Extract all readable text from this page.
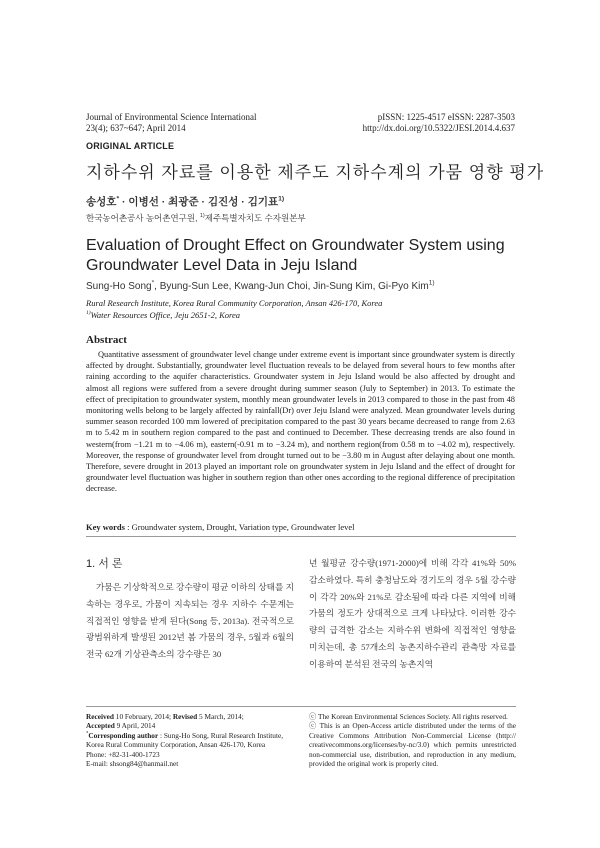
Journal of Environmental Science International
23(4); 637~647; April 2014
pISSN: 1225-4517 eISSN: 2287-3503
http://dx.doi.org/10.5322/JESI.2014.4.637
ORIGINAL ARTICLE
지하수위 자료를 이용한 제주도 지하수계의 가뭄 영향 평가
송성호* · 이병선 · 최광준 · 김진성 · 김기표$^{1)}$
한국농어촌공사 농어촌연구원, $^{1)}$제주특별자치도 수자원본부
Evaluation of Drought Effect on Groundwater System using Groundwater Level Data in Jeju Island
Sung-Ho Song*, Byung-Sun Lee, Kwang-Jun Choi, Jin-Sung Kim, Gi-Pyo Kim$^{1)}$
Rural Research Institute, Korea Rural Community Corporation, Ansan 426-170, Korea
$^{1)}$Water Resources Office, Jeju 2651-2, Korea
Abstract
Quantitative assessment of groundwater level change under extreme event is important since groundwater system is directly affected by drought. Substantially, groundwater level fluctuation reveals to be delayed from several hours to few months after raining according to the aquifer characteristics. Groundwater system in Jeju Island would be also affected by drought and almost all regions were suffered from a severe drought during summer season (July to September) in 2013. To estimate the effect of precipitation to groundwater system, monthly mean groundwater levels in 2013 compared to those in the past from 48 monitoring wells belong to be largely affected by rainfall(Dr) over Jeju Island were analyzed. Mean groundwater levels during summer season recorded 100 mm lowered of precipitation compared to the past 30 years became decreased to range from 2.63 m to 5.42 m in southern region compared to the past and continued to December. These decreasing trends are also found in western(from −1.21 m to −4.06 m), eastern(-0.91 m to −3.24 m), and northern region(from 0.58 m to −4.02 m), respectively. Moreover, the response of groundwater level from drought turned out to be −3.80 m in August after delaying about one month. Therefore, severe drought in 2013 played an important role on groundwater system in Jeju Island and the effect of drought for groundwater level fluctuation was higher in southern region than other ones according to the regional difference of precipitation decrease.
Key words : Groundwater system, Drought, Variation type, Groundwater level
1. 서 론
가뭄은 기상학적으로 강수량이 평균 이하의 상태를 지속하는 경우로, 가뭄이 지속되는 경우 지하수 수문계는 직접적인 영향을 받게 된다(Song 등, 2013a). 전국적으로 광범위하게 발생된 2012년 봄 가뭄의 경우, 5월과 6월의 전국 62개 기상관측소의 강수량은 30
년 월평균 강수량(1971-2000)에 비해 각각 41%와 50% 감소하였다. 특히 충청남도와 경기도의 경우 5월 강수량이 각각 20%와 21%로 감소됨에 따라 다른 지역에 비해 가뭄의 정도가 상대적으로 크게 나타났다. 이러한 강수량의 급격한 감소는 지하수위 변화에 직접적인 영향을 미치는데, 총 57개소의 농촌지하수관리 관측망 자료를 이용하여 분석된 전국의 농촌지역
Received 10 February, 2014; Revised 5 March, 2014;
Accepted 9 April, 2014
*Corresponding author : Sung-Ho Song, Rural Research Institute, Korea Rural Community Corporation, Ansan 426-170, Korea
Phone: +82-31-400-1723
E-mail: shsong84@hanmail.net
ⓒ The Korean Environmental Sciences Society. All rights reserved.
ⓒ This is an Open-Access article distributed under the terms of the Creative Commons Attribution Non-Commercial License (http:// creativecommons.org/licenses/by-nc/3.0) which permits unrestricted non-commercial use, distribution, and reproduction in any medium, provided the original work is properly cited.
